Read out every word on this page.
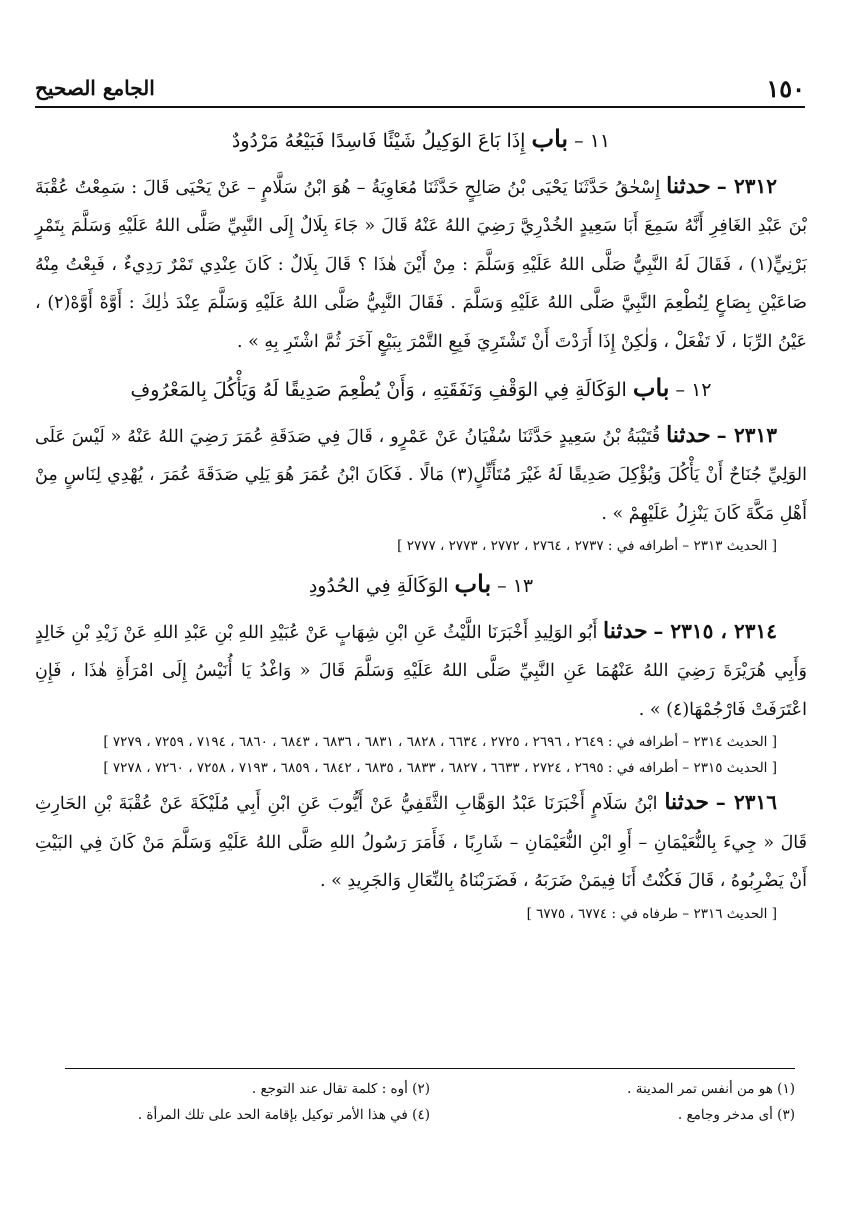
١٥٠
الجامع الصحيح
١١ – باب إِذَا بَاعَ الوَكِيلُ شَيْئًا فَاسِدًا فَبَيْعُهُ مَرْدُودٌ

٢٣١٢ – حدثنا إِسْحٰقُ حَدَّثَنَا يَحْيَى بْنُ صَالِحٍ حَدَّثَنَا مُعَاوِيَةُ – هُوَ ابْنُ سَلَّامٍ – عَنْ يَحْيَى قَالَ : سَمِعْتُ عُقْبَةَ بْنَ عَبْدِ الغَافِرِ أَنَّهُ سَمِعَ أَبَا سَعِيدٍ الخُدْرِيَّ رَضِيَ اللهُ عَنْهُ قَالَ « جَاءَ بِلَالٌ إِلَى النَّبِيِّ صَلَّى اللهُ عَلَيْهِ وَسَلَّمَ بِتَمْرٍ بَرْنِيٍّ(١) ، فَقَالَ لَهُ النَّبِيُّ صَلَّى اللهُ عَلَيْهِ وَسَلَّمَ : مِنْ أَيْنَ هٰذَا ؟ قَالَ بِلَالٌ : كَانَ عِنْدِي تَمْرٌ رَدِيءٌ ، فَبِعْتُ مِنْهُ صَاعَيْنِ بِصَاعٍ لِنُطْعِمَ النَّبِيَّ صَلَّى اللهُ عَلَيْهِ وَسَلَّمَ . فَقَالَ النَّبِيُّ صَلَّى اللهُ عَلَيْهِ وَسَلَّمَ عِنْدَ ذٰلِكَ : أَوَّهْ أَوَّهْ(٢) ، عَيْنُ الرِّبَا ، لَا تَفْعَلْ ، وَلٰكِنْ إِذَا أَرَدْتَ أَنْ تَشْتَرِيَ فَبِعِ التَّمْرَ بِبَيْعٍ آخَرَ ثُمَّ اشْتَرِ بِهِ » .

١٢ – باب الوَكَالَةِ فِي الوَقْفِ وَنَفَقَتِهِ ، وَأَنْ يُطْعِمَ صَدِيقًا لَهُ وَيَأْكُلَ بِالمَعْرُوفِ

٢٣١٣ – حدثنا قُتَيْبَةُ بْنُ سَعِيدٍ حَدَّثَنَا سُفْيَانُ عَنْ عَمْرٍو ، قَالَ فِي صَدَقَةِ عُمَرَ رَضِيَ اللهُ عَنْهُ « لَيْسَ عَلَى الوَلِيِّ جُنَاحٌ أَنْ يَأْكُلَ وَيُؤْكِلَ صَدِيقًا لَهُ غَيْرَ مُتَأَثِّلٍ(٣) مَالًا . فَكَانَ ابْنُ عُمَرَ هُوَ يَلِي صَدَقَةَ عُمَرَ ، يُهْدِي لِنَاسٍ مِنْ أَهْلِ مَكَّةَ كَانَ يَنْزِلُ عَلَيْهِمْ » .

[ الحديث ٢٣١٣ – أطرافه في : ٢٧٣٧ ، ٢٧٦٤ ، ٢٧٧٢ ، ٢٧٧٣ ، ٢٧٧٧ ]

١٣ – باب الوَكَالَةِ فِي الحُدُودِ

٢٣١٤ ، ٢٣١٥ – حدثنا أَبُو الوَلِيدِ أَخْبَرَنَا اللَّيْثُ عَنِ ابْنِ شِهَابٍ عَنْ عُبَيْدِ اللهِ بْنِ عَبْدِ اللهِ عَنْ زَيْدِ بْنِ خَالِدٍ وَأَبِي هُرَيْرَةَ رَضِيَ اللهُ عَنْهُمَا عَنِ النَّبِيِّ صَلَّى اللهُ عَلَيْهِ وَسَلَّمَ قَالَ « وَاغْدُ يَا أُنَيْسُ إِلَى امْرَأَةِ هٰذَا ، فَإِنِ اعْتَرَفَتْ فَارْجُمْهَا(٤) » .

[ الحديث ٢٣١٤ – أطرافه في : ٢٦٤٩ ، ٢٦٩٦ ، ٢٧٢٥ ، ٦٦٣٤ ، ٦٨٢٨ ، ٦٨٣١ ، ٦٨٣٦ ، ٦٨٤٣ ، ٦٨٦٠ ، ٧١٩٤ ، ٧٢٥٩ ، ٧٢٧٩ ]

[ الحديث ٢٣١٥ – أطرافه في : ٢٦٩٥ ، ٢٧٢٤ ، ٦٦٣٣ ، ٦٨٢٧ ، ٦٨٣٣ ، ٦٨٣٥ ، ٦٨٤٢ ، ٦٨٥٩ ، ٧١٩٣ ، ٧٢٥٨ ، ٧٢٦٠ ، ٧٢٧٨ ]

٢٣١٦ – حدثنا ابْنُ سَلَامٍ أَخْبَرَنَا عَبْدُ الوَهَّابِ الثَّقَفِيُّ عَنْ أَيُّوبَ عَنِ ابْنِ أَبِي مُلَيْكَةَ عَنْ عُقْبَةَ بْنِ الحَارِثِ قَالَ « جِيءَ بِالنُّعَيْمَانِ – أَوِ ابْنِ النُّعَيْمَانِ – شَارِبًا ، فَأَمَرَ رَسُولُ اللهِ صَلَّى اللهُ عَلَيْهِ وَسَلَّمَ مَنْ كَانَ فِي البَيْتِ أَنْ يَضْرِبُوهُ ، قَالَ فَكُنْتُ أَنَا فِيمَنْ ضَرَبَهُ ، فَضَرَبْنَاهُ بِالنِّعَالِ وَالجَرِيدِ » .

[ الحديث ٢٣١٦ – طرفاه في : ٦٧٧٤ ، ٦٧٧٥ ]

(١) هو من أنفس تمر المدينة .
(٢) أوه : كلمة تقال عند التوجع .
(٣) أى مدخر وجامع .
(٤) في هذا الأمر توكيل بإقامة الحد على تلك المرأة .
